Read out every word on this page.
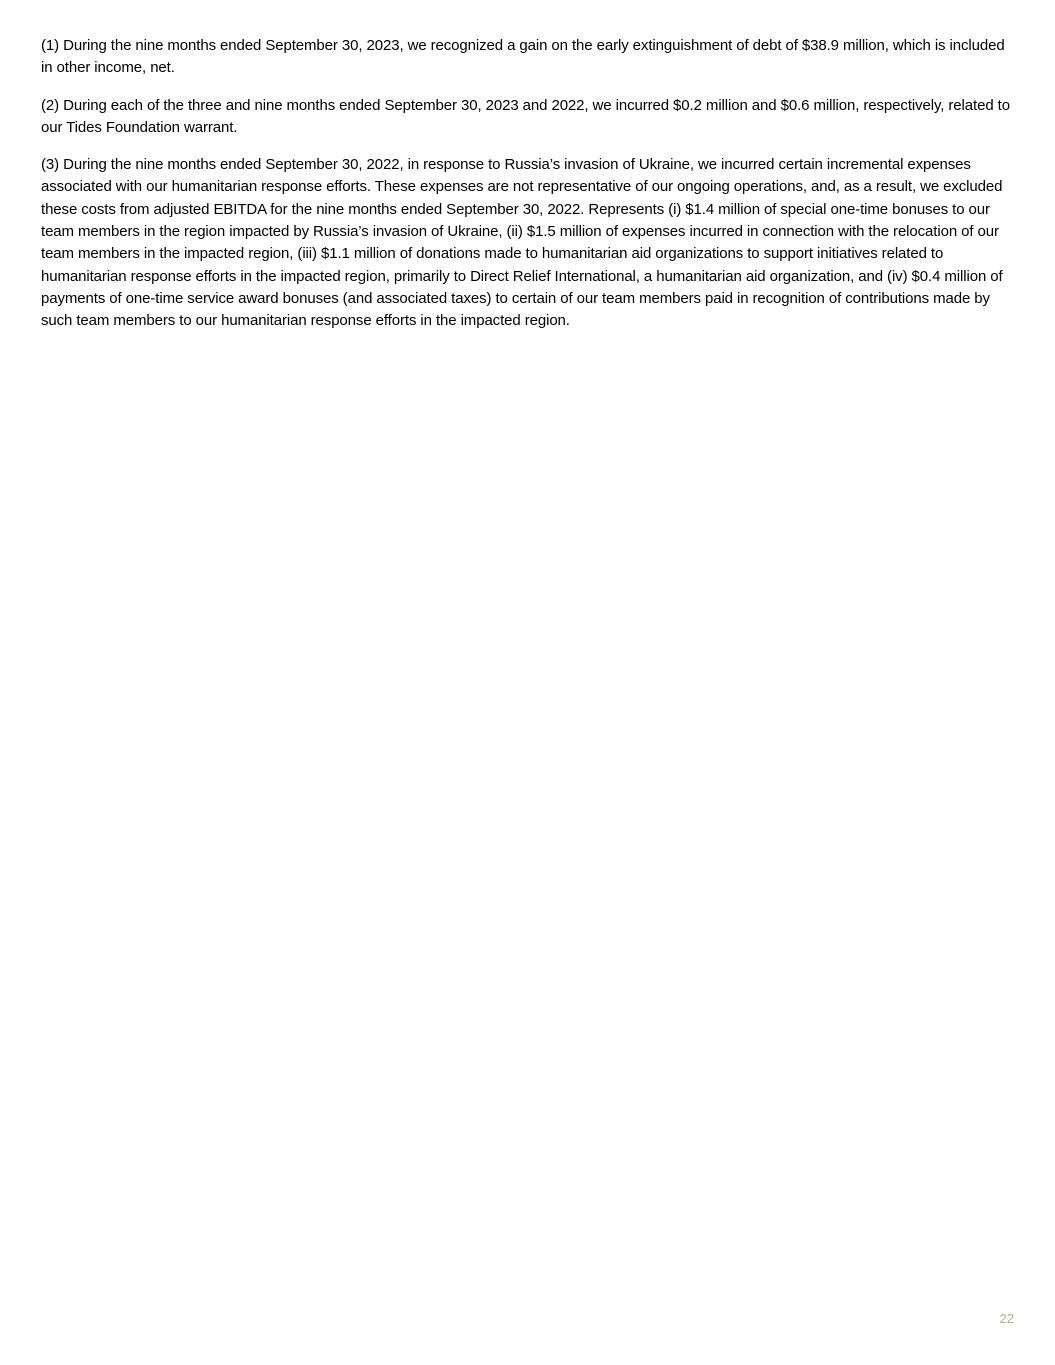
(1) During the nine months ended September 30, 2023, we recognized a gain on the early extinguishment of debt of $38.9 million, which is included in other income, net.
(2) During each of the three and nine months ended September 30, 2023 and 2022, we incurred $0.2 million and $0.6 million, respectively, related to our Tides Foundation warrant.
(3) During the nine months ended September 30, 2022, in response to Russia’s invasion of Ukraine, we incurred certain incremental expenses associated with our humanitarian response efforts. These expenses are not representative of our ongoing operations, and, as a result, we excluded these costs from adjusted EBITDA for the nine months ended September 30, 2022. Represents (i) $1.4 million of special one-time bonuses to our team members in the region impacted by Russia’s invasion of Ukraine, (ii) $1.5 million of expenses incurred in connection with the relocation of our team members in the impacted region, (iii) $1.1 million of donations made to humanitarian aid organizations to support initiatives related to humanitarian response efforts in the impacted region, primarily to Direct Relief International, a humanitarian aid organization, and (iv) $0.4 million of payments of one-time service award bonuses (and associated taxes) to certain of our team members paid in recognition of contributions made by such team members to our humanitarian response efforts in the impacted region.
22
